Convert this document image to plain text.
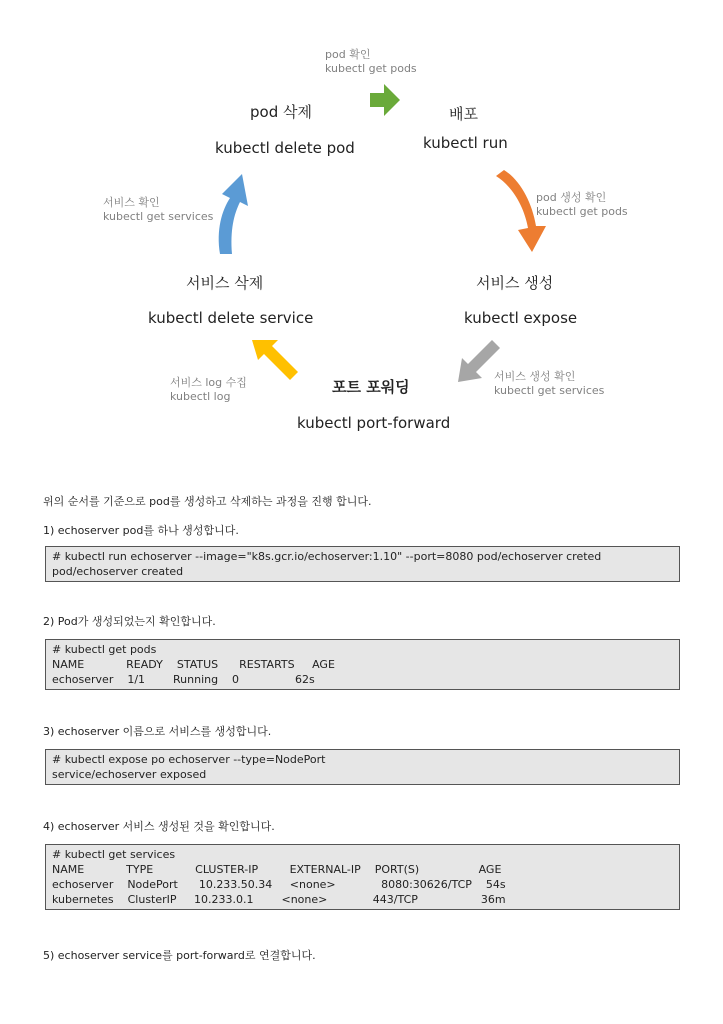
pod 삭제
kubectl delete pod
배포
kubectl run
서비스 생성
kubectl expose
포트 포워딩
kubectl port-forward
서비스 삭제
kubectl delete service
pod 확인
kubectl get pods
pod 생성 확인
kubectl get pods
서비스 생성 확인
kubectl get services
서비스 log 수집
kubectl log
서비스 확인
kubectl get services
위의 순서를 기준으로 pod를 생성하고 삭제하는 과정을 진행 합니다.
1) echoserver pod를 하나 생성합니다.
# kubectl run echoserver --image="k8s.gcr.io/echoserver:1.10" --port=8080 pod/echoserver creted
pod/echoserver created
2) Pod가 생성되었는지 확인합니다.
# kubectl get pods
NAME            READY    STATUS      RESTARTS     AGE
echoserver    1/1        Running    0                62s
3) echoserver 이름으로 서비스를 생성합니다.
# kubectl expose po echoserver --type=NodePort
service/echoserver exposed
4) echoserver 서비스 생성된 것을 확인합니다.
# kubectl get services
NAME            TYPE            CLUSTER-IP         EXTERNAL-IP    PORT(S)                 AGE
echoserver    NodePort      10.233.50.34     <none>             8080:30626/TCP    54s
kubernetes    ClusterIP     10.233.0.1        <none>             443/TCP                  36m
5) echoserver service를 port-forward로 연결합니다.
